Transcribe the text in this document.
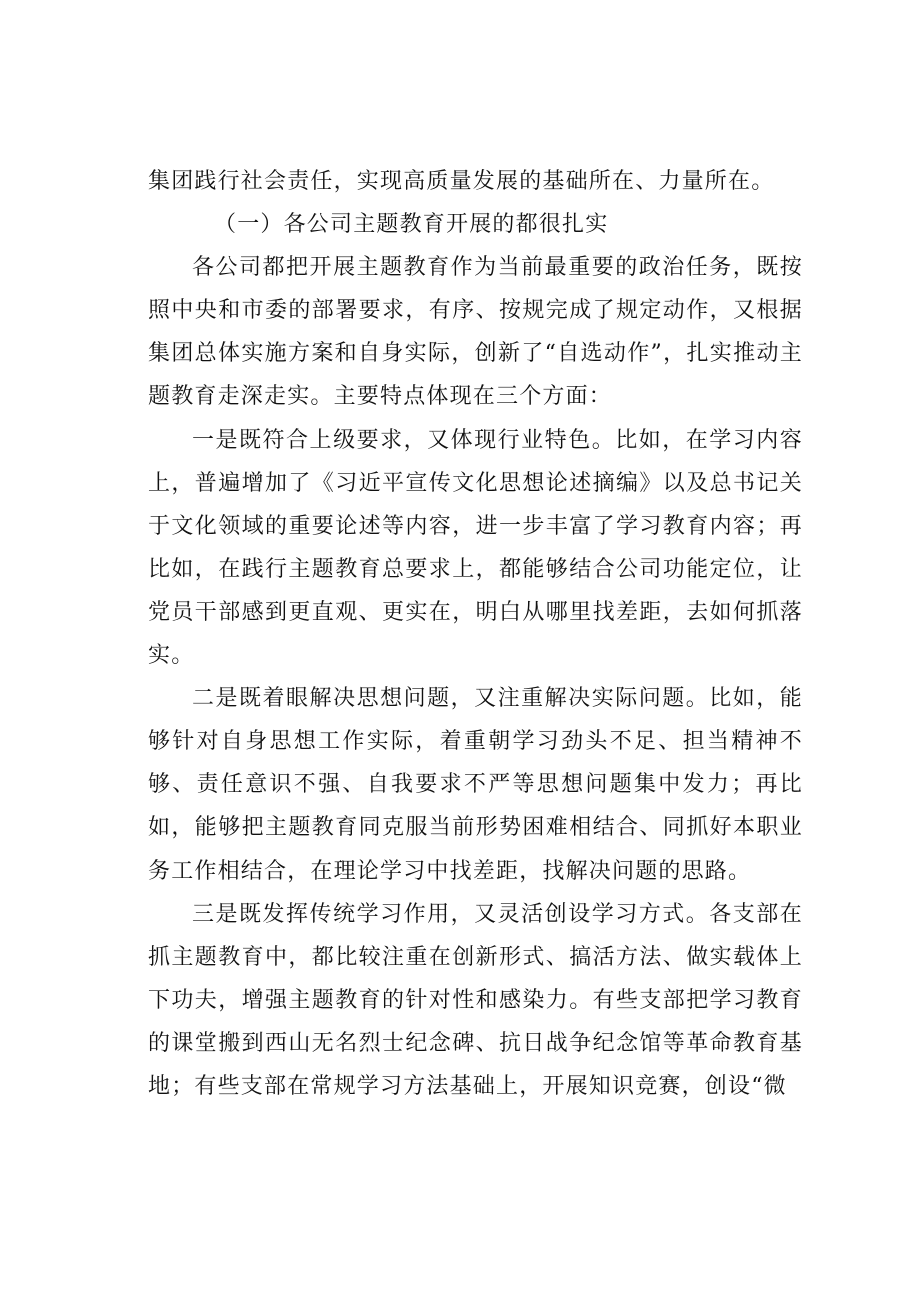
集团践行社会责任，实现高质量发展的基础所在、力量所在。

（一）各公司主题教育开展的都很扎实

各公司都把开展主题教育作为当前最重要的政治任务，既按照中央和市委的部署要求，有序、按规完成了规定动作，又根据集团总体实施方案和自身实际，创新了“自选动作”，扎实推动主题教育走深走实。主要特点体现在三个方面：

一是既符合上级要求，又体现行业特色。比如，在学习内容上，普遍增加了《习近平宣传文化思想论述摘编》以及总书记关于文化领域的重要论述等内容，进一步丰富了学习教育内容；再比如，在践行主题教育总要求上，都能够结合公司功能定位，让党员干部感到更直观、更实在，明白从哪里找差距，去如何抓落实。

二是既着眼解决思想问题，又注重解决实际问题。比如，能够针对自身思想工作实际，着重朝学习劲头不足、担当精神不够、责任意识不强、自我要求不严等思想问题集中发力；再比如，能够把主题教育同克服当前形势困难相结合、同抓好本职业务工作相结合，在理论学习中找差距，找解决问题的思路。

三是既发挥传统学习作用，又灵活创设学习方式。各支部在抓主题教育中，都比较注重在创新形式、搞活方法、做实载体上下功夫，增强主题教育的针对性和感染力。有些支部把学习教育的课堂搬到西山无名烈士纪念碑、抗日战争纪念馆等革命教育基地；有些支部在常规学习方法基础上，开展知识竞赛，创设“微
